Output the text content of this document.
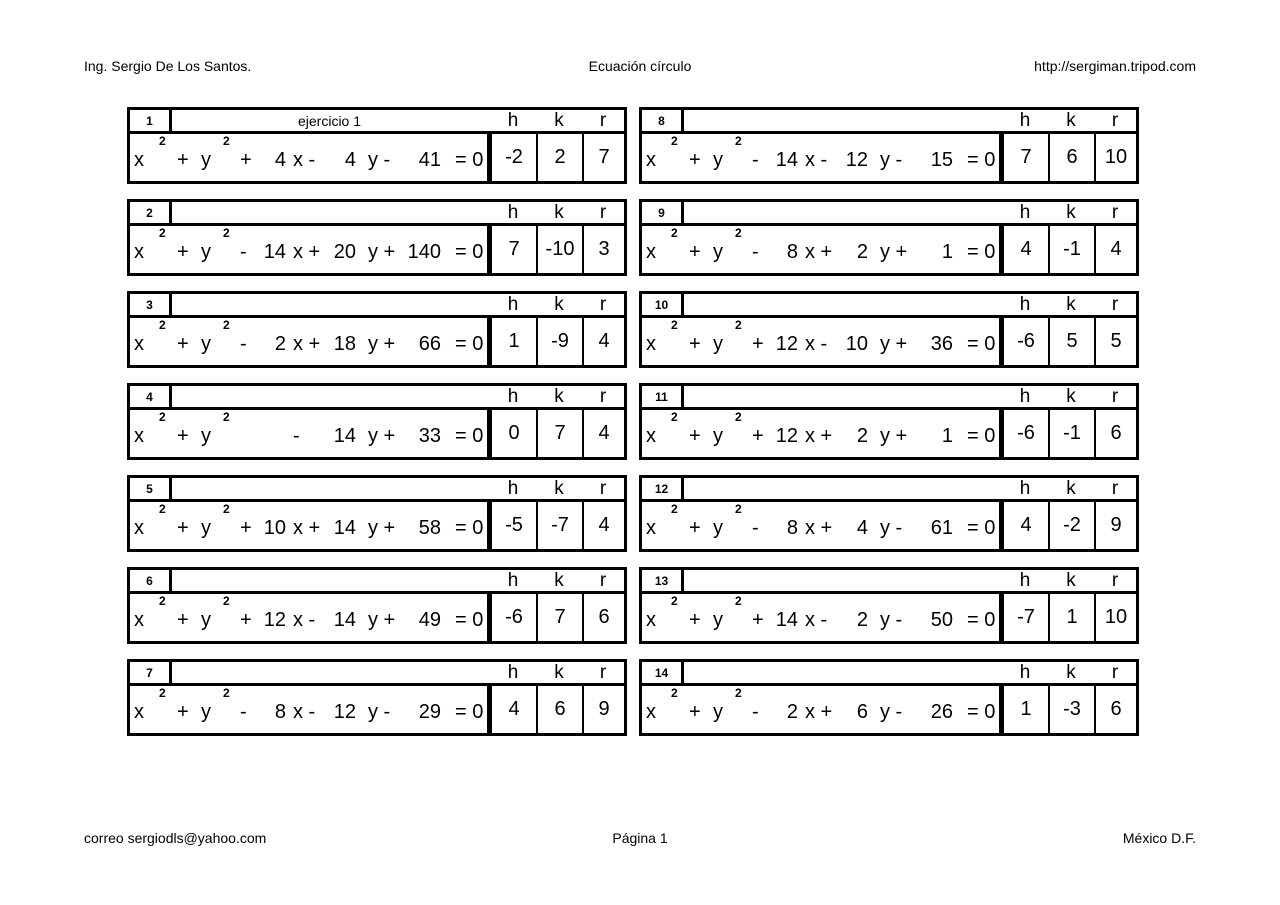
Ing. Sergio De Los Santos.	Ecuación círculo	http://sergiman.tripod.com
1	ejercicio 1	h	k	r
x
2
+ y
2
+	4 x -	4 y -	41 = 0	-2	2	7
2	h	k	r
x
2
+ y
2
- 14 x + 20 y + 140 = 0	7	-10	3
3	h	k	r
x
2
+ y
2
-	2 x + 18 y +	66 = 0	1	-9	4
4	h	k	r
x
2
+ y
2
- 14 y +	33 = 0	0	7	4
5	h	k	r
x
2
+ y
2
+ 10 x + 14 y +	58 = 0	-5	-7	4
6	h	k	r
x
2
+ y
2
+ 12 x - 14 y +	49 = 0	-6	7	6
7	h	k	r
x
2
+ y
2
-	8 x - 12 y -	29 = 0	4	6	9
8	h	k	r
x
2
+ y
2
- 14 x - 12 y -	15 = 0	7	6	10
9	h	k	r
x
2
+ y
2
-	8 x +	2 y +	1 = 0	4	-1	4
10	h	k	r
x
2
+ y
2
+ 12 x - 10 y +	36 = 0	-6	5	5
11	h	k	r
x
2
+ y
2
+ 12 x +	2 y +	1 = 0	-6	-1	6
12	h	k	r
x
2
+ y
2
-	8 x +	4 y -	61 = 0	4	-2	9
13	h	k	r
x
2
+ y
2
+ 14 x -	2 y -	50 = 0	-7	1	10
14	h	k	r
x
2
+ y
2
-	2 x +	6 y -	26 = 0	1	-3	6
correo sergiodls@yahoo.com	Página 1	México D.F.
